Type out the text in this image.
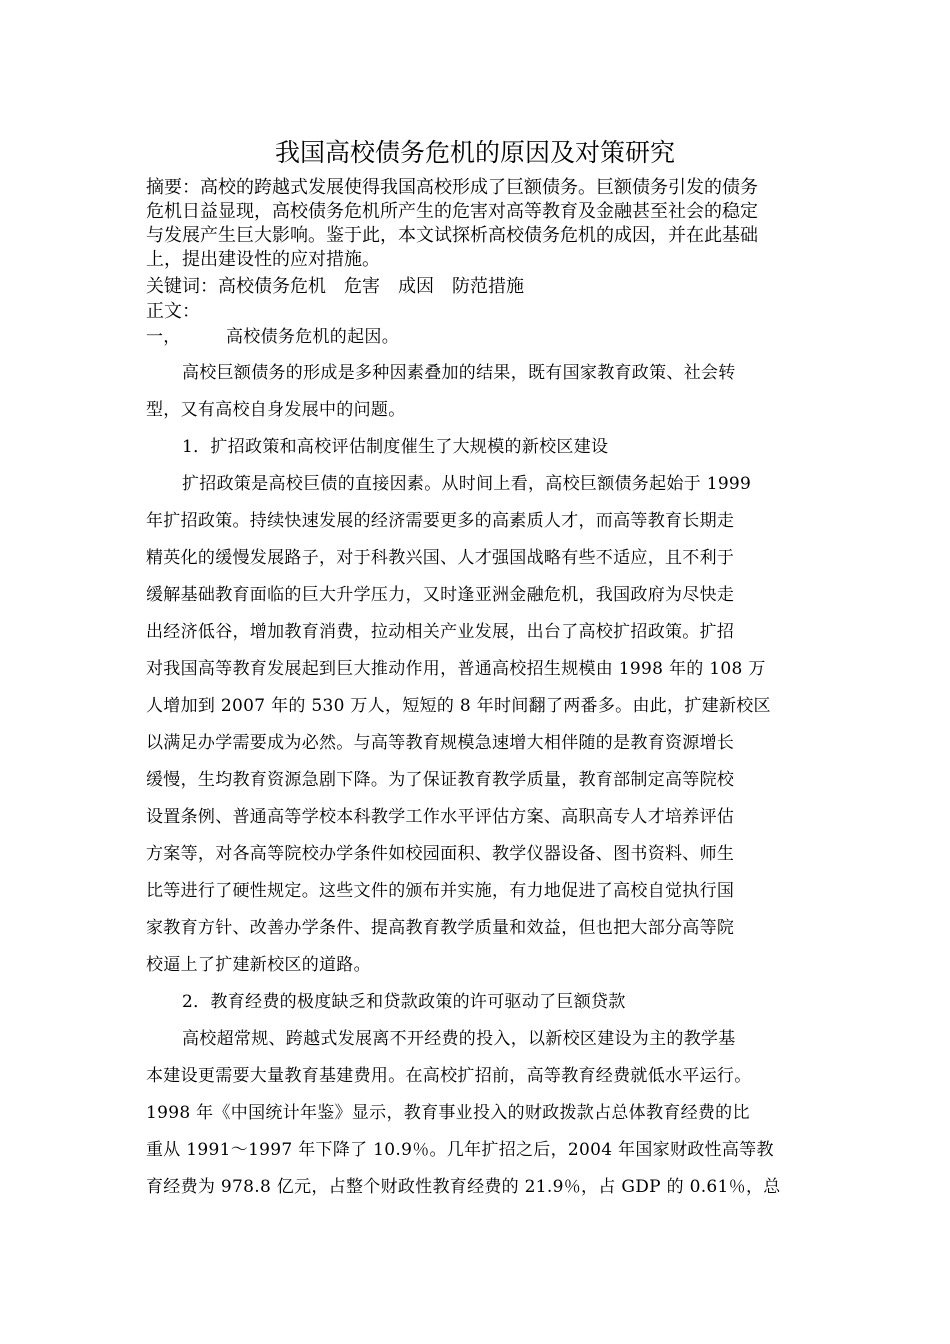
我国高校债务危机的原因及对策研究
摘要：高校的跨越式发展使得我国高校形成了巨额债务。巨额债务引发的债务
危机日益显现，高校债务危机所产生的危害对高等教育及金融甚至社会的稳定
与发展产生巨大影响。鉴于此，本文试探析高校债务危机的成因，并在此基础
上，提出建设性的应对措施。
关键词：高校债务危机 危害 成因 防范措施
正文：
一，	高校债务危机的起因。
高校巨额债务的形成是多种因素叠加的结果，既有国家教育政策、社会转
型，又有高校自身发展中的问题。
1．扩招政策和高校评估制度催生了大规模的新校区建设
扩招政策是高校巨债的直接因素。从时间上看，高校巨额债务起始于 1999
年扩招政策。持续快速发展的经济需要更多的高素质人才，而高等教育长期走
精英化的缓慢发展路子，对于科教兴国、人才强国战略有些不适应，且不利于
缓解基础教育面临的巨大升学压力，又时逢亚洲金融危机，我国政府为尽快走
出经济低谷，增加教育消费，拉动相关产业发展，出台了高校扩招政策。扩招
对我国高等教育发展起到巨大推动作用，普通高校招生规模由 1998 年的 108 万
人增加到 2007 年的 530 万人，短短的 8 年时间翻了两番多。由此，扩建新校区
以满足办学需要成为必然。与高等教育规模急速增大相伴随的是教育资源增长
缓慢，生均教育资源急剧下降。为了保证教育教学质量，教育部制定高等院校
设置条例、普通高等学校本科教学工作水平评估方案、高职高专人才培养评估
方案等，对各高等院校办学条件如校园面积、教学仪器设备、图书资料、师生
比等进行了硬性规定。这些文件的颁布并实施，有力地促进了高校自觉执行国
家教育方针、改善办学条件、提高教育教学质量和效益，但也把大部分高等院
校逼上了扩建新校区的道路。
2．教育经费的极度缺乏和贷款政策的许可驱动了巨额贷款
高校超常规、跨越式发展离不开经费的投入，以新校区建设为主的教学基
本建设更需要大量教育基建费用。在高校扩招前，高等教育经费就低水平运行。
1998 年《中国统计年鉴》显示，教育事业投入的财政拨款占总体教育经费的比
重从 1991～1997 年下降了 10.9％。几年扩招之后，2004 年国家财政性高等教
育经费为 978.8 亿元，占整个财政性教育经费的 21.9％，占 GDP 的 0.61％，总
